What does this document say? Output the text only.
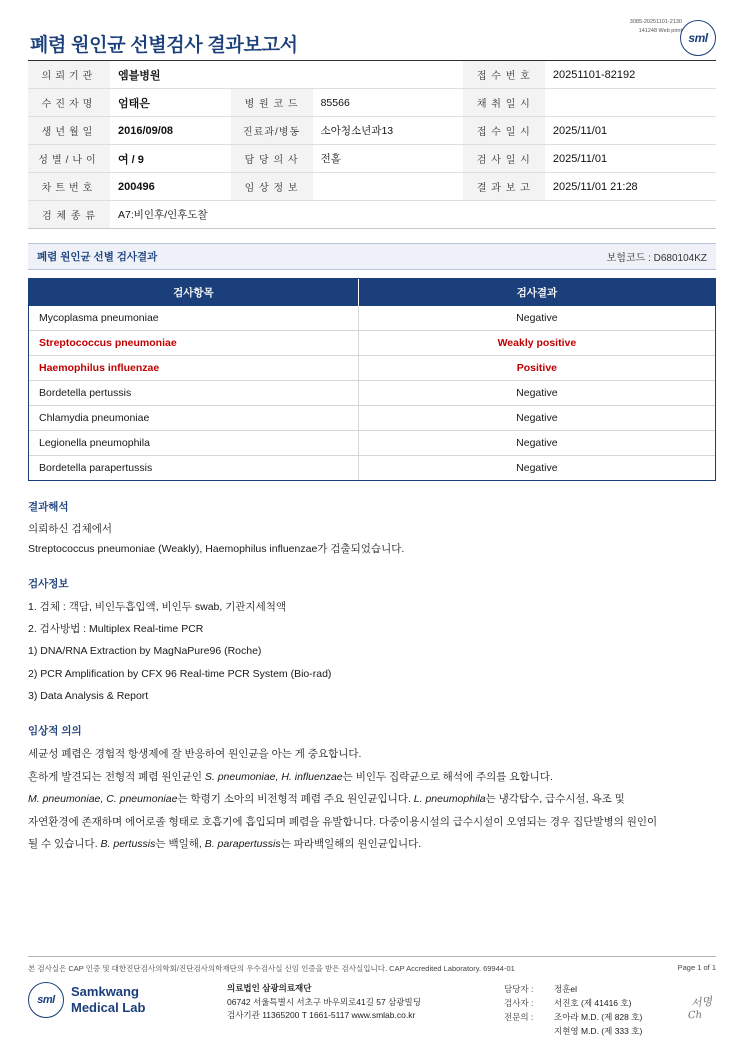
폐렴 원인균 선별검사 결과보고서
3085-20251101-2130
141248 Web print
sml
의뢰기관	엠블병원			접 수 번 호	20251101-82192
수진자명	엄태은	병 원 코 드	85566	채 취 일 시	
생년월일	2016/09/08	진료과/병동	소아청소년과13	접 수 일 시	2025/11/01
성별/나이	여 / 9	담 당 의 사	전홀	검 사 일 시	2025/11/01
차트번호	200496	임 상 정 보		결 과 보 고	2025/11/01 21:28
검 체 종 류	A7:비인후/인후도찰				
폐렴 원인균 선별 검사결과	보험코드 : D680104KZ
검사항목	검사결과
Mycoplasma pneumoniae	Negative
Streptococcus pneumoniae	Weakly positive
Haemophilus influenzae	Positive
Bordetella pertussis	Negative
Chlamydia pneumoniae	Negative
Legionella pneumophila	Negative
Bordetella parapertussis	Negative
결과해석

의뢰하신 검체에서

Streptococcus pneumoniae (Weakly), Haemophilus influenzae가 검출되었습니다.

검사정보

1. 검체 : 객담, 비인두흡입액, 비인두 swab, 기관지세척액

2. 검사방법 : Multiplex Real-time PCR

1) DNA/RNA Extraction by MagNaPure96 (Roche)

2) PCR Amplification by CFX 96 Real-time PCR System (Bio-rad)

3) Data Analysis & Report

임상적 의의

세균성 폐렴은 경험적 항생제에 잘 반응하여 원인균을 아는 게 중요합니다.

흔하게 발견되는 전형적 폐렴 원인균인 S. pneumoniae, H. influenzae는 비인두 집락균으로 해석에 주의를 요합니다.

M. pneumoniae, C. pneumoniae는 학령기 소아의 비전형적 폐렴 주요 원인균입니다. L. pneumophila는 냉각탑수, 급수시설, 욕조 및

자연환경에 존재하며 에어로졸 형태로 호흡기에 흡입되며 폐렴을 유발합니다. 다중이용시설의 급수시설이 오염되는 경우 집단발병의 원인이

될 수 있습니다. B. pertussis는 백일해, B. parapertussis는 파라백일해의 원인균입니다.

본 검사실은 CAP 인증 및 대한진단검사의학회/진단검사의학재단의 우수검사실 신임 인증을 받은 검사실입니다. CAP Accredited Laboratory. 69944-01	Page 1 of 1
sml
Samkwang
Medical Lab
의료법인 삼광의료재단
06742 서울특별시 서초구 바우뫼로41길 57 삼광빌딩
검사기관 11365200 T 1661-5117 www.smlab.co.kr
담당자 :	정훈el
검사자 :	서진호 (제 41416 호)
전문의 :	조아라 M.D. (제 828 호)
지현영 M.D. (제 333 호)
서명
Ch
